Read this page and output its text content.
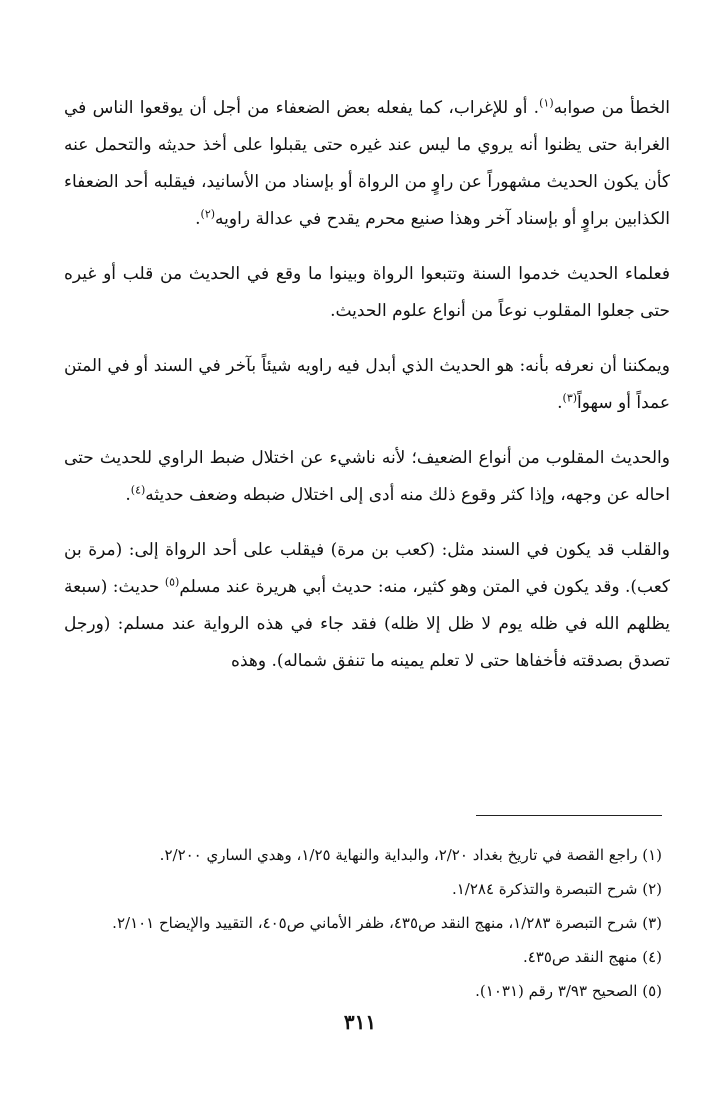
الخطأ من صوابه$^{(١)}$. أو للإغراب، كما يفعله بعض الضعفاء من أجل أن يوقعوا الناس في الغرابة حتى يظنوا أنه يروي ما ليس عند غيره حتى يقبلوا على أخذ حديثه والتحمل عنه كأن يكون الحديث مشهوراً عن راوٍ من الرواة أو بإسناد من الأسانيد، فيقلبه أحد الضعفاء الكذابين براوٍ أو بإسناد آخر وهذا صنيع محرم يقدح في عدالة راويه$^{(٢)}$.

فعلماء الحديث خدموا السنة وتتبعوا الرواة وبينوا ما وقع في الحديث من قلب أو غيره حتى جعلوا المقلوب نوعاً من أنواع علوم الحديث.

ويمكننا أن نعرفه بأنه: هو الحديث الذي أبدل فيه راويه شيئاً بآخر في السند أو في المتن عمداً أو سهواً$^{(٣)}$.

والحديث المقلوب من أنواع الضعيف؛ لأنه ناشيء عن اختلال ضبط الراوي للحديث حتى احاله عن وجهه، وإذا كثر وقوع ذلك منه أدى إلى اختلال ضبطه وضعف حديثه$^{(٤)}$.

والقلب قد يكون في السند مثل: (كعب بن مرة) فيقلب على أحد الرواة إلى: (مرة بن كعب). وقد يكون في المتن وهو كثير، منه: حديث أبي هريرة عند مسلم$^{(٥)}$ حديث: (سبعة يظلهم الله في ظله يوم لا ظل إلا ظله) فقد جاء في هذه الرواية عند مسلم: (ورجل تصدق بصدقته فأخفاها حتى لا تعلم يمينه ما تنفق شماله). وهذه

(١) راجع القصة في تاريخ بغداد ٢/٢٠، والبداية والنهاية ١/٢٥، وهدي الساري ٢/٢٠٠.
(٢) شرح التبصرة والتذكرة ١/٢٨٤.
(٣) شرح التبصرة ١/٢٨٣، منهج النقد ص٤٣٥، ظفر الأماني ص٤٠٥، التقييد والإيضاح ٢/١٠١.
(٤) منهج النقد ص٤٣٥.
(٥) الصحيح ٣/٩٣ رقم (١٠٣١).
٣١١
